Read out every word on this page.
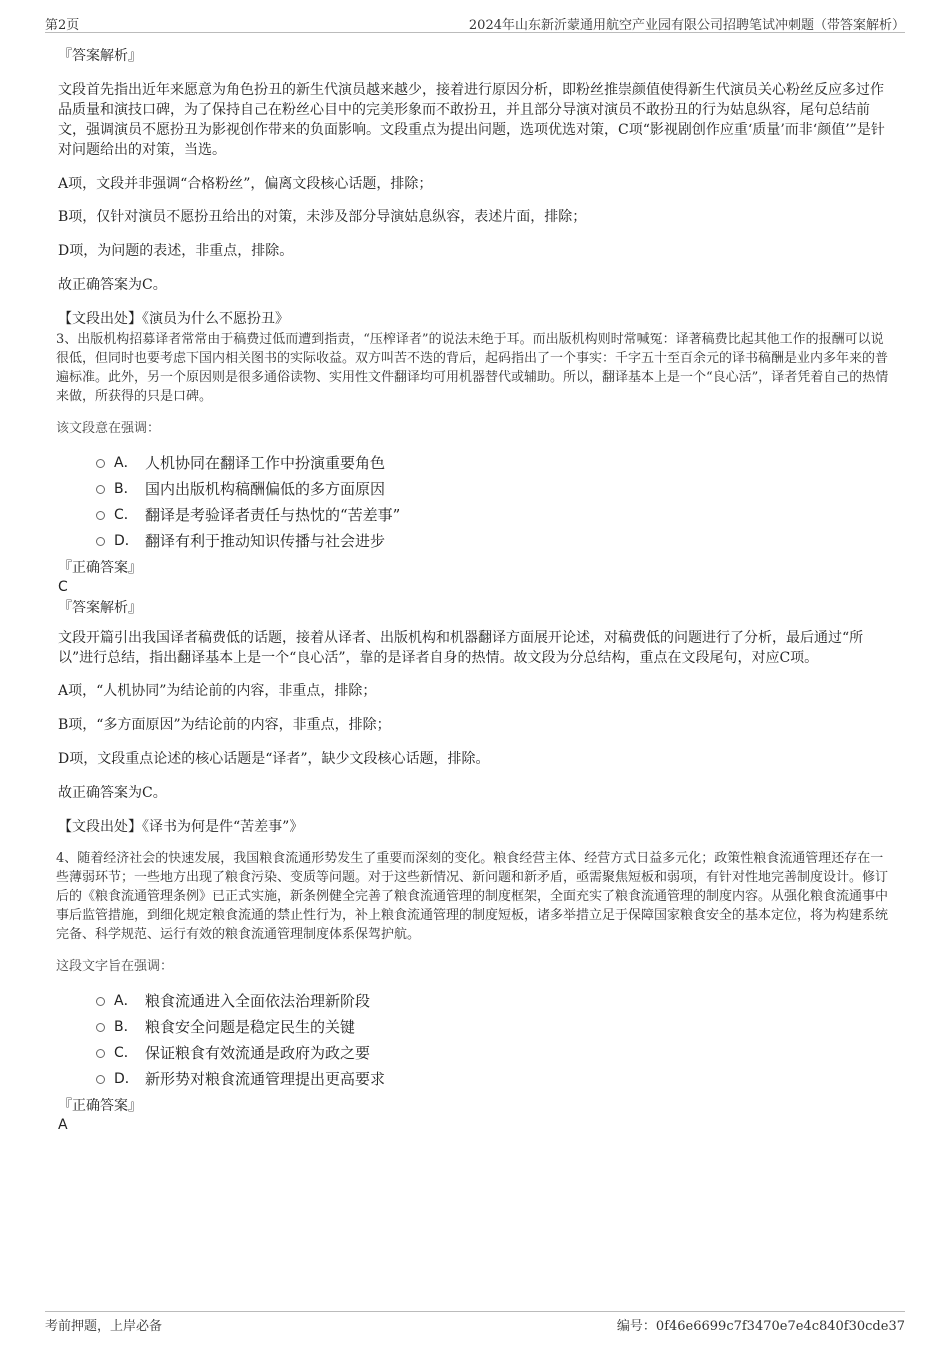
第2页	2024年山东新沂蒙通用航空产业园有限公司招聘笔试冲刺题（带答案解析）

『答案解析』

文段首先指出近年来愿意为角色扮丑的新生代演员越来越少，接着进行原因分析，即粉丝推崇颜值使得新生代演员关心粉丝反应多过作品质量和演技口碑，为了保持自己在粉丝心目中的完美形象而不敢扮丑，并且部分导演对演员不敢扮丑的行为姑息纵容，尾句总结前文，强调演员不愿扮丑为影视创作带来的负面影响。文段重点为提出问题，选项优选对策，C项“影视剧创作应重‘质量’而非‘颜值’”是针对问题给出的对策，当选。

A项，文段并非强调“合格粉丝”，偏离文段核心话题，排除；

B项，仅针对演员不愿扮丑给出的对策，未涉及部分导演姑息纵容，表述片面，排除；

D项，为问题的表述，非重点，排除。

故正确答案为C。

【文段出处】《演员为什么不愿扮丑》

3、出版机构招募译者常常由于稿费过低而遭到指责，“压榨译者”的说法未绝于耳。而出版机构则时常喊冤：译著稿费比起其他工作的报酬可以说很低，但同时也要考虑下国内相关图书的实际收益。双方叫苦不迭的背后，起码指出了一个事实：千字五十至百余元的译书稿酬是业内多年来的普遍标准。此外，另一个原因则是很多通俗读物、实用性文件翻译均可用机器替代或辅助。所以，翻译基本上是一个“良心活”，译者凭着自己的热情来做，所获得的只是口碑。

该文段意在强调：

A． 人机协同在翻译工作中扮演重要角色
B． 国内出版机构稿酬偏低的多方面原因
C． 翻译是考验译者责任与热忱的“苦差事”
D． 翻译有利于推动知识传播与社会进步

『正确答案』

C

『答案解析』

文段开篇引出我国译者稿费低的话题，接着从译者、出版机构和机器翻译方面展开论述，对稿费低的问题进行了分析，最后通过“所以”进行总结，指出翻译基本上是一个“良心活”，靠的是译者自身的热情。故文段为分总结构，重点在文段尾句，对应C项。

A项，“人机协同”为结论前的内容，非重点，排除；

B项，“多方面原因”为结论前的内容，非重点，排除；

D项，文段重点论述的核心话题是“译者”，缺少文段核心话题，排除。

故正确答案为C。

【文段出处】《译书为何是件“苦差事”》

4、随着经济社会的快速发展，我国粮食流通形势发生了重要而深刻的变化。粮食经营主体、经营方式日益多元化；政策性粮食流通管理还存在一些薄弱环节；一些地方出现了粮食污染、变质等问题。对于这些新情况、新问题和新矛盾，亟需聚焦短板和弱项，有针对性地完善制度设计。修订后的《粮食流通管理条例》已正式实施，新条例健全完善了粮食流通管理的制度框架，全面充实了粮食流通管理的制度内容。从强化粮食流通事中事后监管措施，到细化规定粮食流通的禁止性行为，补上粮食流通管理的制度短板，诸多举措立足于保障国家粮食安全的基本定位，将为构建系统完备、科学规范、运行有效的粮食流通管理制度体系保驾护航。

这段文字旨在强调：

A． 粮食流通进入全面依法治理新阶段
B． 粮食安全问题是稳定民生的关键
C． 保证粮食有效流通是政府为政之要
D． 新形势对粮食流通管理提出更高要求

『正确答案』

A

考前押题，上岸必备	编号：0f46e6699c7f3470e7e4c840f30cde37
